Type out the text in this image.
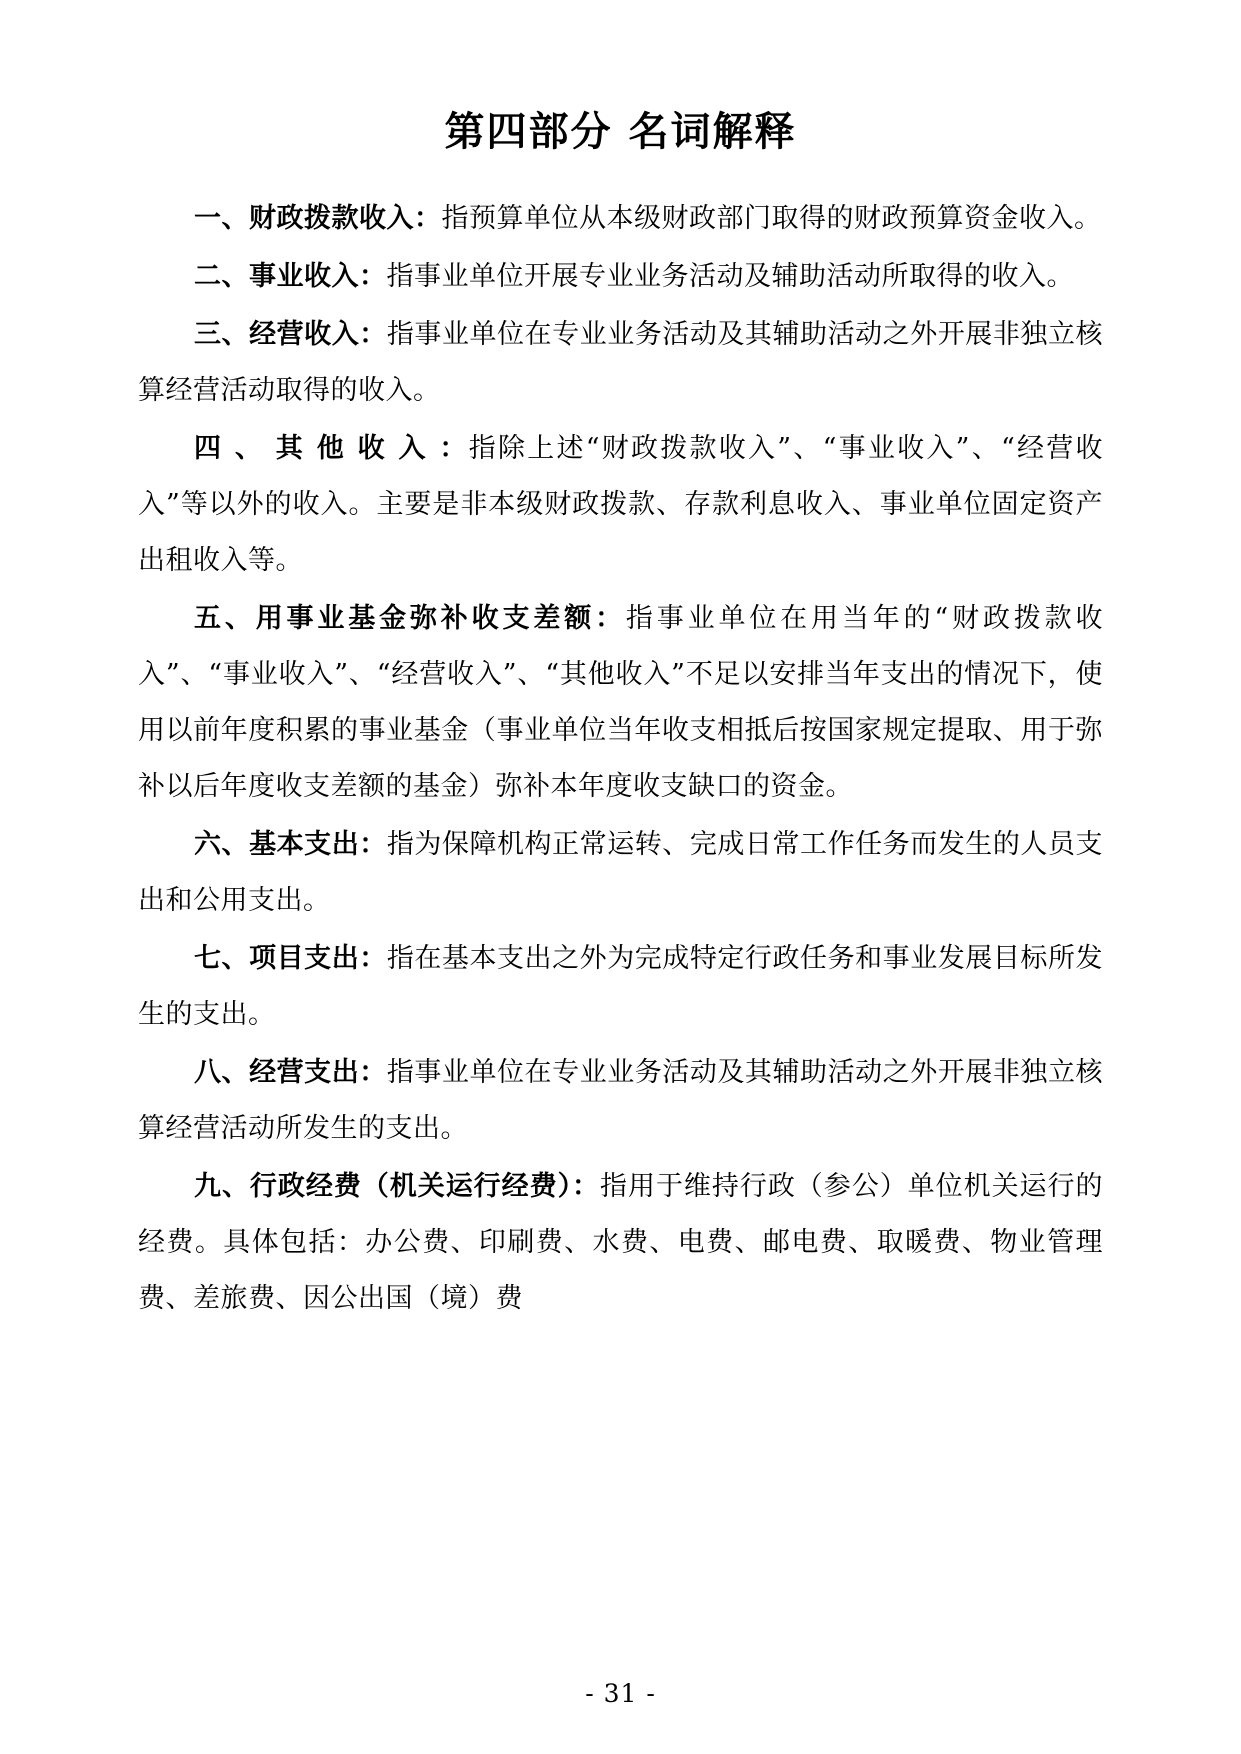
第四部分 名词解释

一、财政拨款收入：指预算单位从本级财政部门取得的财政预算资金收入。

二、事业收入：指事业单位开展专业业务活动及辅助活动所取得的收入。

三、经营收入：指事业单位在专业业务活动及其辅助活动之外开展非独立核算经营活动取得的收入。

四 、 其 他 收 入 ：指除上述“财政拨款收入”、“事业收入”、“经营收入”等以外的收入。主要是非本级财政拨款、存款利息收入、事业单位固定资产出租收入等。

五、用事业基金弥补收支差额：指事业单位在用当年的“财政拨款收入”、“事业收入”、“经营收入”、“其他收入”不足以安排当年支出的情况下，使用以前年度积累的事业基金（事业单位当年收支相抵后按国家规定提取、用于弥补以后年度收支差额的基金）弥补本年度收支缺口的资金。

六、基本支出：指为保障机构正常运转、完成日常工作任务而发生的人员支出和公用支出。

七、项目支出：指在基本支出之外为完成特定行政任务和事业发展目标所发生的支出。

八、经营支出：指事业单位在专业业务活动及其辅助活动之外开展非独立核算经营活动所发生的支出。

九、行政经费（机关运行经费）：指用于维持行政（参公）单位机关运行的经费。具体包括：办公费、印刷费、水费、电费、邮电费、取暖费、物业管理费、差旅费、因公出国（境）费

- 31 -
